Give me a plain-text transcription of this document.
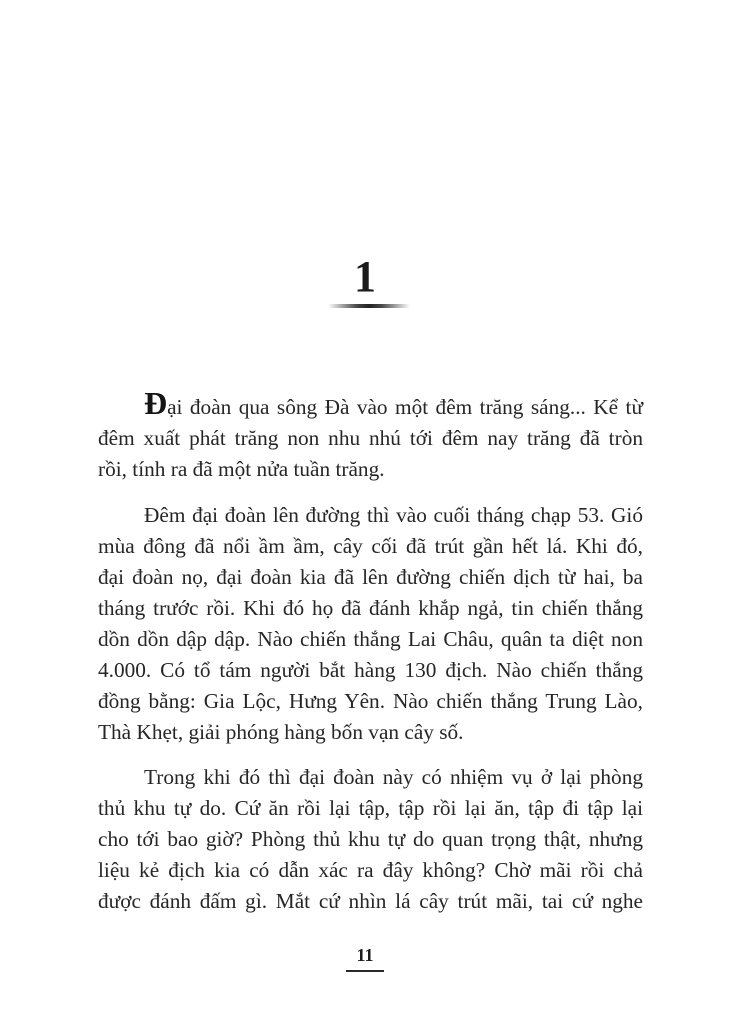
1

Đại đoàn qua sông Đà vào một đêm trăng sáng... Kể từ
đêm xuất phát trăng non nhu nhú tới đêm nay trăng đã tròn
rồi, tính ra đã một nửa tuần trăng.

Đêm đại đoàn lên đường thì vào cuối tháng chạp 53. Gió
mùa đông đã nổi ầm ầm, cây cối đã trút gần hết lá. Khi đó,
đại đoàn nọ, đại đoàn kia đã lên đường chiến dịch từ hai, ba
tháng trước rồi. Khi đó họ đã đánh khắp ngả, tin chiến thắng
dồn dồn dập dập. Nào chiến thắng Lai Châu, quân ta diệt non
4.000. Có tổ tám người bắt hàng 130 địch. Nào chiến thắng
đồng bằng: Gia Lộc, Hưng Yên. Nào chiến thắng Trung Lào,
Thà Khẹt, giải phóng hàng bốn vạn cây số.

Trong khi đó thì đại đoàn này có nhiệm vụ ở lại phòng
thủ khu tự do. Cứ ăn rồi lại tập, tập rồi lại ăn, tập đi tập lại
cho tới bao giờ? Phòng thủ khu tự do quan trọng thật, nhưng
liệu kẻ địch kia có dẫn xác ra đây không? Chờ mãi rồi chả
được đánh đấm gì. Mắt cứ nhìn lá cây trút mãi, tai cứ nghe

11
